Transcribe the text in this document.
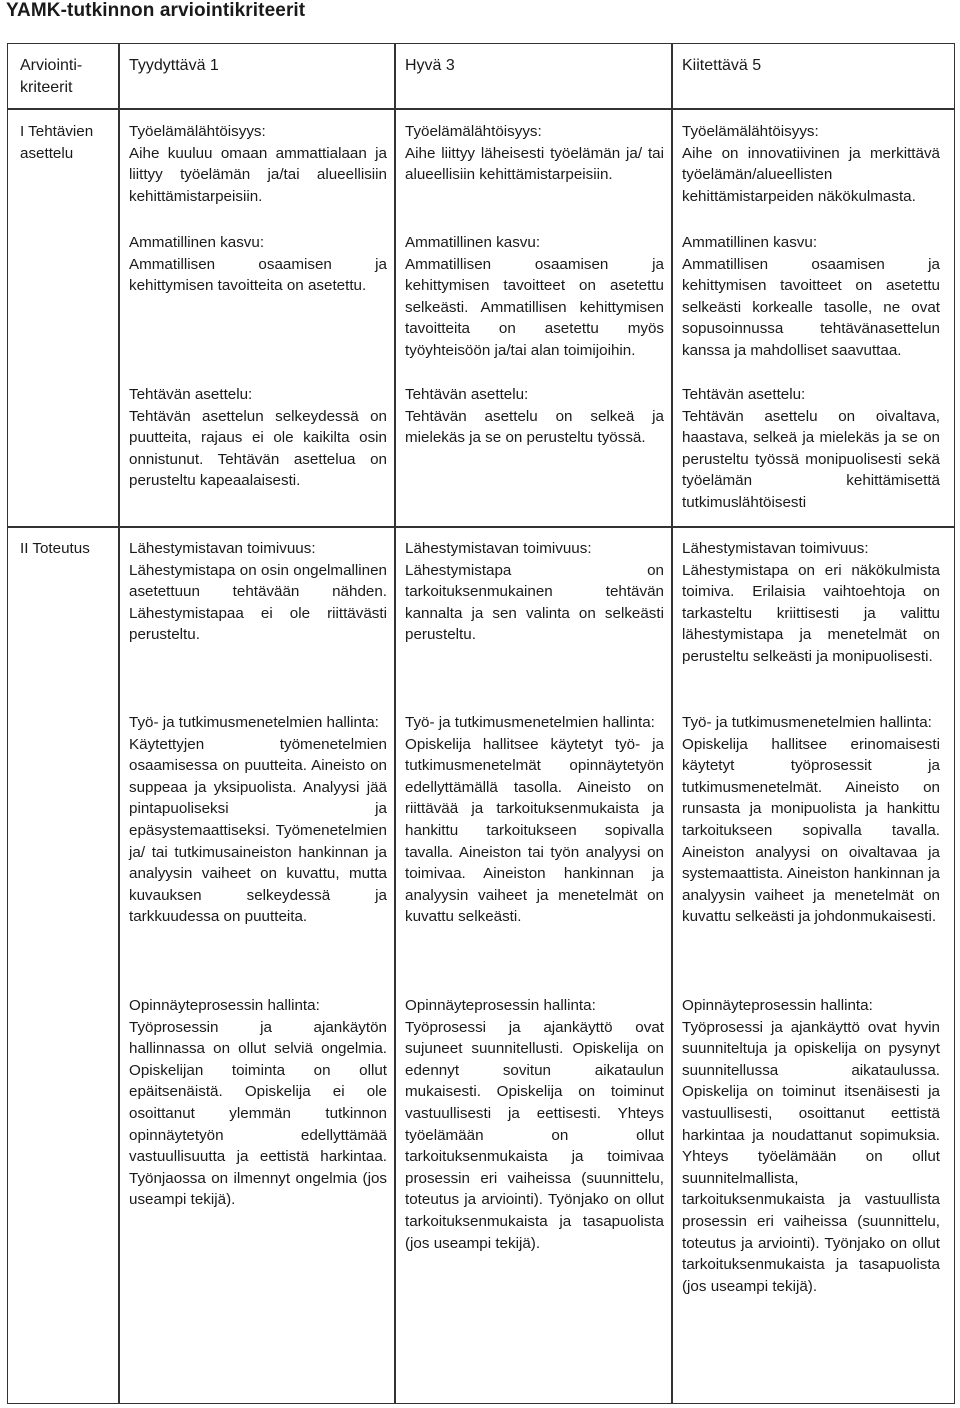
YAMK-tutkinnon arviointikriteerit
Arviointi-
kriteerit
Tyydyttävä 1	Hyvä 3	Kiitettävä 5
I Tehtävien
asettelu
II Toteutus
Työelämälähtöisyys:
Aihe kuuluu omaan ammattialaan ja liittyy työelämän ja/tai alueellisiin kehittämistarpeisiin.
Työelämälähtöisyys:
Aihe liittyy läheisesti työelämän ja/ tai alueellisiin kehittämistarpeisiin.
Työelämälähtöisyys:
Aihe on innovatiivinen ja merkittävä työelämän/alueellisten kehittämistarpeiden näkökulmasta.
Ammatillinen kasvu:
Ammatillisen osaamisen ja kehittymisen tavoitteita on asetettu.
Ammatillinen kasvu:
Ammatillisen osaamisen ja kehittymisen tavoitteet on asetettu selkeästi. Ammatillisen kehittymisen tavoitteita on asetettu myös työyhteisöön ja/tai alan toimijoihin.
Ammatillinen kasvu:
Ammatillisen osaamisen ja kehittymisen tavoitteet on asetettu selkeästi korkealle tasolle, ne ovat sopusoinnussa tehtävänasettelun kanssa ja mahdolliset saavuttaa.
Tehtävän asettelu:
Tehtävän asettelun selkeydessä on puutteita, rajaus ei ole kaikilta osin onnistunut. Tehtävän asettelua on perusteltu kapeaalaisesti.
Tehtävän asettelu:
Tehtävän asettelu on selkeä ja mielekäs ja se on perusteltu työssä.
Tehtävän asettelu:
Tehtävän asettelu on oivaltava, haastava, selkeä ja mielekäs ja se on perusteltu työssä monipuolisesti sekä työelämän kehittämisettä tutkimuslähtöisesti
Lähestymistavan toimivuus:
Lähestymistapa on osin ongelmallinen asetettuun tehtävään nähden. Lähestymistapaa ei ole riittävästi perusteltu.
Lähestymistavan toimivuus:
Lähestymistapa on tarkoituksenmukainen tehtävän kannalta ja sen valinta on selkeästi perusteltu.
Lähestymistavan toimivuus:
Lähestymistapa on eri näkökulmista toimiva. Erilaisia vaihtoehtoja on tarkasteltu kriittisesti ja valittu lähestymistapa ja menetelmät on perusteltu selkeästi ja monipuolisesti.
Työ- ja tutkimusmenetelmien hallinta:
Käytettyjen työmenetelmien osaamisessa on puutteita. Aineisto on suppeaa ja yksipuolista. Analyysi jää pintapuoliseksi ja epäsystemaattiseksi. Työmenetelmien ja/ tai tutkimusaineiston hankinnan ja analyysin vaiheet on kuvattu, mutta kuvauksen selkeydessä ja tarkkuudessa on puutteita.
Työ- ja tutkimusmenetelmien hallinta:
Opiskelija hallitsee käytetyt työ- ja tutkimusmenetelmät opinnäytetyön edellyttämällä tasolla. Aineisto on riittävää ja tarkoituksenmukaista ja hankittu tarkoitukseen sopivalla tavalla. Aineiston tai työn analyysi on toimivaa. Aineiston hankinnan ja analyysin vaiheet ja menetelmät on kuvattu selkeästi.
Työ- ja tutkimusmenetelmien hallinta:
Opiskelija hallitsee erinomaisesti käytetyt työprosessit ja tutkimusmenetelmät. Aineisto on runsasta ja monipuolista ja hankittu tarkoitukseen sopivalla tavalla. Aineiston analyysi on oivaltavaa ja systemaattista. Aineiston hankinnan ja analyysin vaiheet ja menetelmät on kuvattu selkeästi ja johdonmukaisesti.
Opinnäyteprosessin hallinta:
Työprosessin ja ajankäytön hallinnassa on ollut selviä ongelmia. Opiskelijan toiminta on ollut epäitsenäistä. Opiskelija ei ole osoittanut ylemmän tutkinnon opinnäytetyön edellyttämää vastuullisuutta ja eettistä harkintaa. Työnjaossa on ilmennyt ongelmia (jos useampi tekijä).
Opinnäyteprosessin hallinta:
Työprosessi ja ajankäyttö ovat sujuneet suunnitellusti. Opiskelija on edennyt sovitun aikataulun mukaisesti. Opiskelija on toiminut vastuullisesti ja eettisesti. Yhteys työelämään on ollut tarkoituksenmukaista ja toimivaa prosessin eri vaiheissa (suunnittelu, toteutus ja arviointi). Työnjako on ollut tarkoituksenmukaista ja tasapuolista (jos useampi tekijä).
Opinnäyteprosessin hallinta:
Työprosessi ja ajankäyttö ovat hyvin suunniteltuja ja opiskelija on pysynyt suunnitellussa aikataulussa. Opiskelija on toiminut itsenäisesti ja vastuullisesti, osoittanut eettistä harkintaa ja noudattanut sopimuksia. Yhteys työelämään on ollut suunnitelmallista, tarkoituksenmukaista ja vastuullista prosessin eri vaiheissa (suunnittelu, toteutus ja arviointi). Työnjako on ollut tarkoituksenmukaista ja tasapuolista (jos useampi tekijä).
